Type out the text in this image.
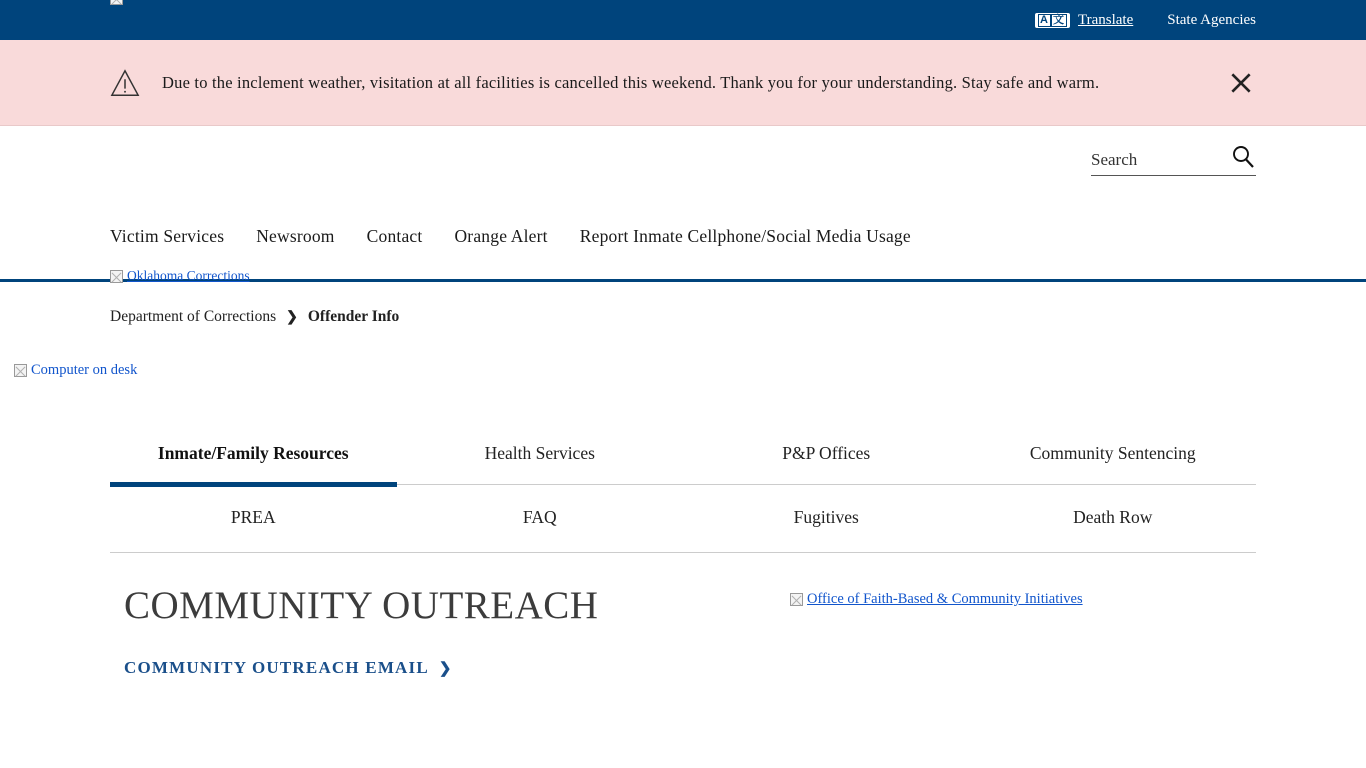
A 文 Translate State Agencies
Due to the inclement weather, visitation at all facilities is cancelled this weekend. Thank you for your understanding. Stay safe and warm.
Oklahoma Corrections
Search
Victim Services Newsroom Contact Orange Alert Report Inmate Cellphone/Social Media Usage
Department of Corrections ❯ Offender Info
Computer on desk
Inmate/Family Resources	Health Services	P&P Offices	Community Sentencing
PREA	FAQ	Fugitives	Death Row
COMMUNITY OUTREACH
COMMUNITY OUTREACH EMAIL ❯
Office of Faith-Based & Community Initiatives
